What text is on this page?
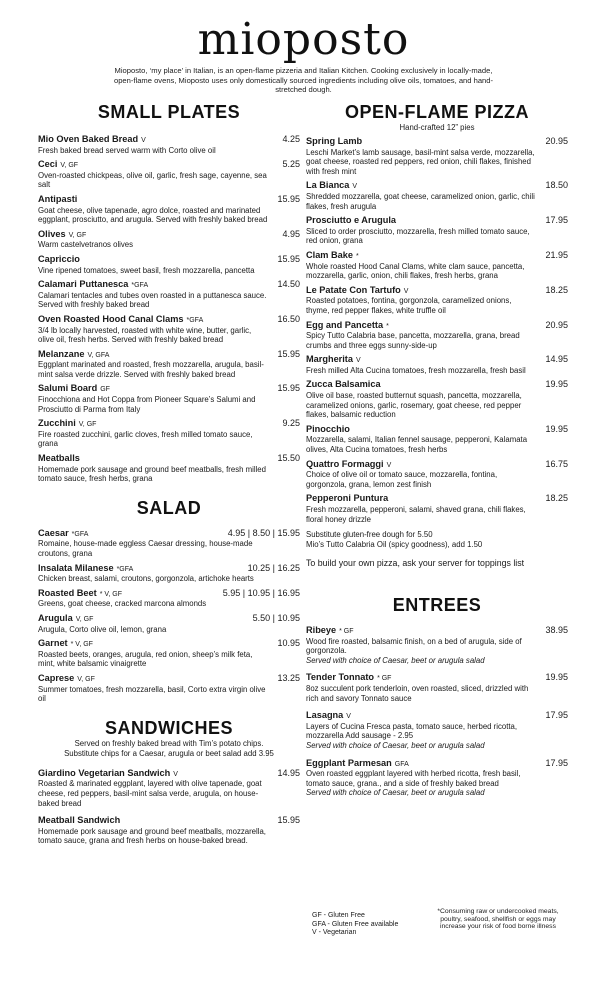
mioposto
Mioposto, ‘my place’ in Italian, is an open-flame pizzeria and Italian Kitchen. Cooking exclusively in locally-made, open-flame ovens, Mioposto uses only domestically sourced ingredients including olive oils, tomatoes, and hand-stretched dough.
SMALL PLATES
Mio Oven Baked Bread V	4.25
Fresh baked bread served warm with Corto olive oil
Ceci V, GF	5.25
Oven-roasted chickpeas, olive oil, garlic, fresh sage, cayenne, sea salt
Antipasti	15.95
Goat cheese, olive tapenade, agro dolce, roasted and marinated eggplant, prosciutto, and arugula. Served with freshly baked bread
Olives V, GF	4.95
Warm castelvetranos olives
Capriccio	15.95
Vine ripened tomatoes, sweet basil, fresh mozzarella, pancetta
Calamari Puttanesca *GFA	14.50
Calamari tentacles and tubes oven roasted in a puttanesca sauce. Served with freshly baked bread
Oven Roasted Hood Canal Clams *GFA	16.50
3/4 lb locally harvested, roasted with white wine, butter, garlic, olive oil, fresh herbs. Served with freshly baked bread
Melanzane V, GFA	15.95
Eggplant marinated and roasted, fresh mozzarella, arugula, basil-mint salsa verde drizzle. Served with freshly baked bread
Salumi Board GF	15.95
Finocchiona and Hot Coppa from Pioneer Square’s Salumi and Prosciutto di Parma from Italy
Zucchini V, GF	9.25
Fire roasted zucchini, garlic cloves, fresh milled tomato sauce, grana
Meatballs	15.50
Homemade pork sausage and ground beef meatballs, fresh milled tomato sauce, fresh herbs, grana
SALAD
Caesar *GFA	4.95 | 8.50 | 15.95
Romaine, house-made eggless Caesar dressing, house-made croutons, grana
Insalata Milanese *GFA	10.25 | 16.25
Chicken breast, salami, croutons, gorgonzola, artichoke hearts
Roasted Beet * V, GF	5.95 | 10.95 | 16.95
Greens, goat cheese, cracked marcona almonds
Arugula V, GF	5.50 | 10.95
Arugula, Corto olive oil, lemon, grana
Garnet * V, GF	10.95
Roasted beets, oranges, arugula, red onion, sheep’s milk feta, mint, white balsamic vinaigrette
Caprese V, GF	13.25
Summer tomatoes, fresh mozzarella, basil, Corto extra virgin olive oil
SANDWICHES
Served on freshly baked bread with Tim’s potato chips.
Substitute chips for a Caesar, arugula or beet salad add 3.95
Giardino Vegetarian Sandwich V	14.95
Roasted & marinated eggplant, layered with olive tapenade, goat cheese, red peppers, basil-mint salsa verde, arugula, on house-baked bread
Meatball Sandwich	15.95
Homemade pork sausage and ground beef meatballs, mozzarella, tomato sauce, grana and fresh herbs on house-baked bread.
OPEN-FLAME PIZZA
Hand-crafted 12” pies
Spring Lamb	20.95
Leschi Market’s lamb sausage, basil-mint salsa verde, mozzarella, goat cheese, roasted red peppers, red onion, chili flakes, finished with fresh mint
La Bianca V	18.50
Shredded mozzarella, goat cheese, caramelized onion, garlic, chili flakes, fresh arugula
Prosciutto e Arugula	17.95
Sliced to order prosciutto, mozzarella, fresh milled tomato sauce, red onion, grana
Clam Bake *	21.95
Whole roasted Hood Canal Clams, white clam sauce, pancetta, mozzarella, garlic, onion, chili flakes, fresh herbs, grana
Le Patate Con Tartufo V	18.25
Roasted potatoes, fontina, gorgonzola, caramelized onions, thyme, red pepper flakes, white truffle oil
Egg and Pancetta *	20.95
Spicy Tutto Calabria base, pancetta, mozzarella, grana, bread crumbs and three eggs sunny-side-up
Margherita V	14.95
Fresh milled Alta Cucina tomatoes, fresh mozzarella, fresh basil
Zucca Balsamica	19.95
Olive oil base, roasted butternut squash, pancetta, mozzarella, caramelized onions, garlic, rosemary, goat cheese, red pepper flakes, balsamic reduction
Pinocchio	19.95
Mozzarella, salami, Italian fennel sausage, pepperoni, Kalamata olives, Alta Cucina tomatoes, fresh herbs
Quattro Formaggi V	16.75
Choice of olive oil or tomato sauce, mozzarella, fontina, gorgonzola, grana, lemon zest finish
Pepperoni Puntura	18.25
Fresh mozzarella, pepperoni, salami, shaved grana, chili flakes, floral honey drizzle
Substitute gluten-free dough for 5.50
Mio’s Tutto Calabria Oil (spicy goodness), add 1.50
To build your own pizza, ask your server for toppings list
ENTREES
Ribeye * GF	38.95
Wood fire roasted, balsamic finish, on a bed of arugula, side of gorgonzola.
Served with choice of Caesar, beet or arugula salad
Tender Tonnato * GF	19.95
8oz succulent pork tenderloin, oven roasted, sliced, drizzled with rich and savory Tonnato sauce
Lasagna V	17.95
Layers of Cucina Fresca pasta, tomato sauce, herbed ricotta, mozzarella Add sausage - 2.95
Served with choice of Caesar, beet or arugula salad
Eggplant Parmesan GFA	17.95
Oven roasted eggplant layered with herbed ricotta, fresh basil, tomato sauce, grana., and a side of freshly baked bread
Served with choice of Caesar, beet or arugula salad
GF - Gluten Free
GFA - Gluten Free available
V - Vegetarian
*Consuming raw or undercooked meats, poultry, seafood, shellfish or eggs may increase your risk of food borne illness
